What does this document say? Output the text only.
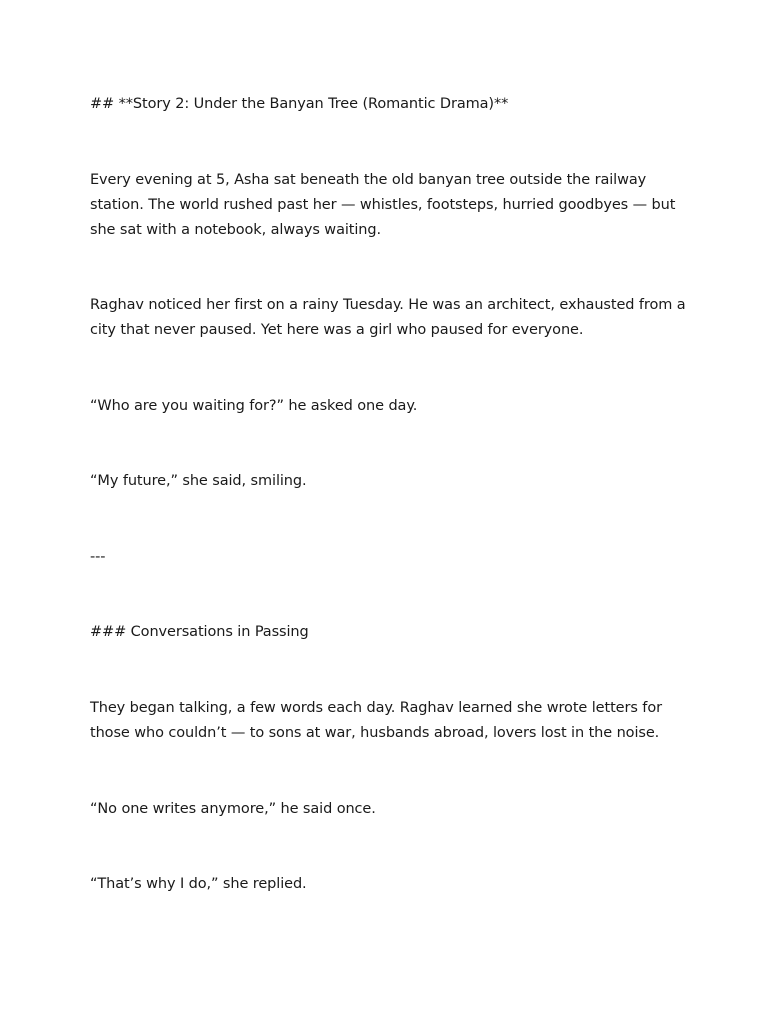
## **Story 2: Under the Banyan Tree (Romantic Drama)**
Every evening at 5, Asha sat beneath the old banyan tree outside the railway station. The world rushed past her — whistles, footsteps, hurried goodbyes — but she sat with a notebook, always waiting.
Raghav noticed her first on a rainy Tuesday. He was an architect, exhausted from a city that never paused. Yet here was a girl who paused for everyone.
“Who are you waiting for?” he asked one day.
“My future,” she said, smiling.
---
### Conversations in Passing
They began talking, a few words each day. Raghav learned she wrote letters for those who couldn’t — to sons at war, husbands abroad, lovers lost in the noise.
“No one writes anymore,” he said once.
“That’s why I do,” she replied.
